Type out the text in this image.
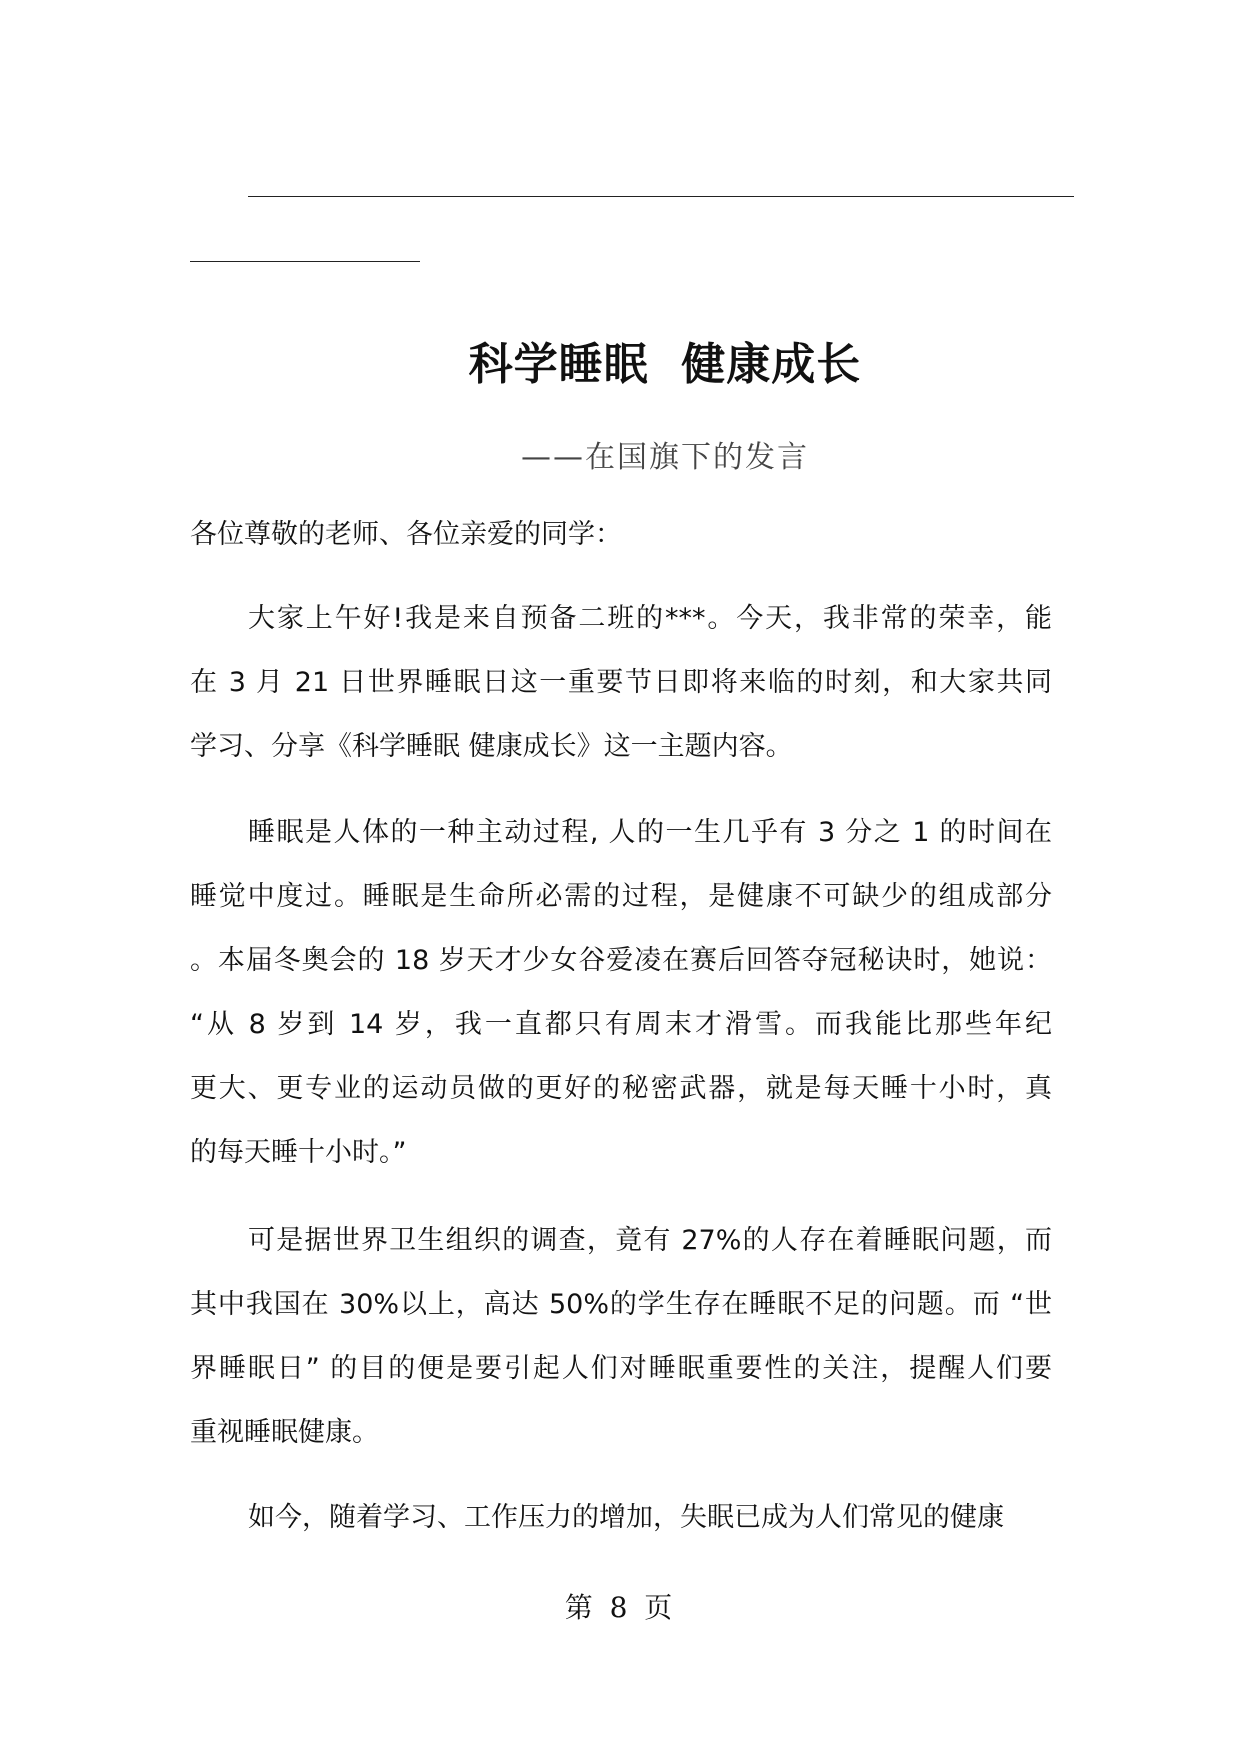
科学睡眠  健康成长
——在国旗下的发言
各位尊敬的老师、各位亲爱的同学：
大家上午好!我是来自预备二班的***。今天，我非常的荣幸，能
在 3 月 21 日世界睡眠日这一重要节日即将来临的时刻，和大家共同
学习、分享《科学睡眠 健康成长》这一主题内容。
睡眠是人体的一种主动过程, 人的一生几乎有 3 分之 1 的时间在
睡觉中度过。睡眠是生命所必需的过程，是健康不可缺少的组成部分
。本届冬奥会的 18 岁天才少女谷爱凌在赛后回答夺冠秘诀时，她说：
“从 8 岁到 14 岁，我一直都只有周末才滑雪。而我能比那些年纪
更大、更专业的运动员做的更好的秘密武器，就是每天睡十小时，真
的每天睡十小时。”
可是据世界卫生组织的调查，竟有 27%的人存在着睡眠问题，而
其中我国在 30%以上，高达 50%的学生存在睡眠不足的问题。而 “世
界睡眠日” 的目的便是要引起人们对睡眠重要性的关注，提醒人们要
重视睡眠健康。
如今，随着学习、工作压力的增加，失眠已成为人们常见的健康
第 8 页
